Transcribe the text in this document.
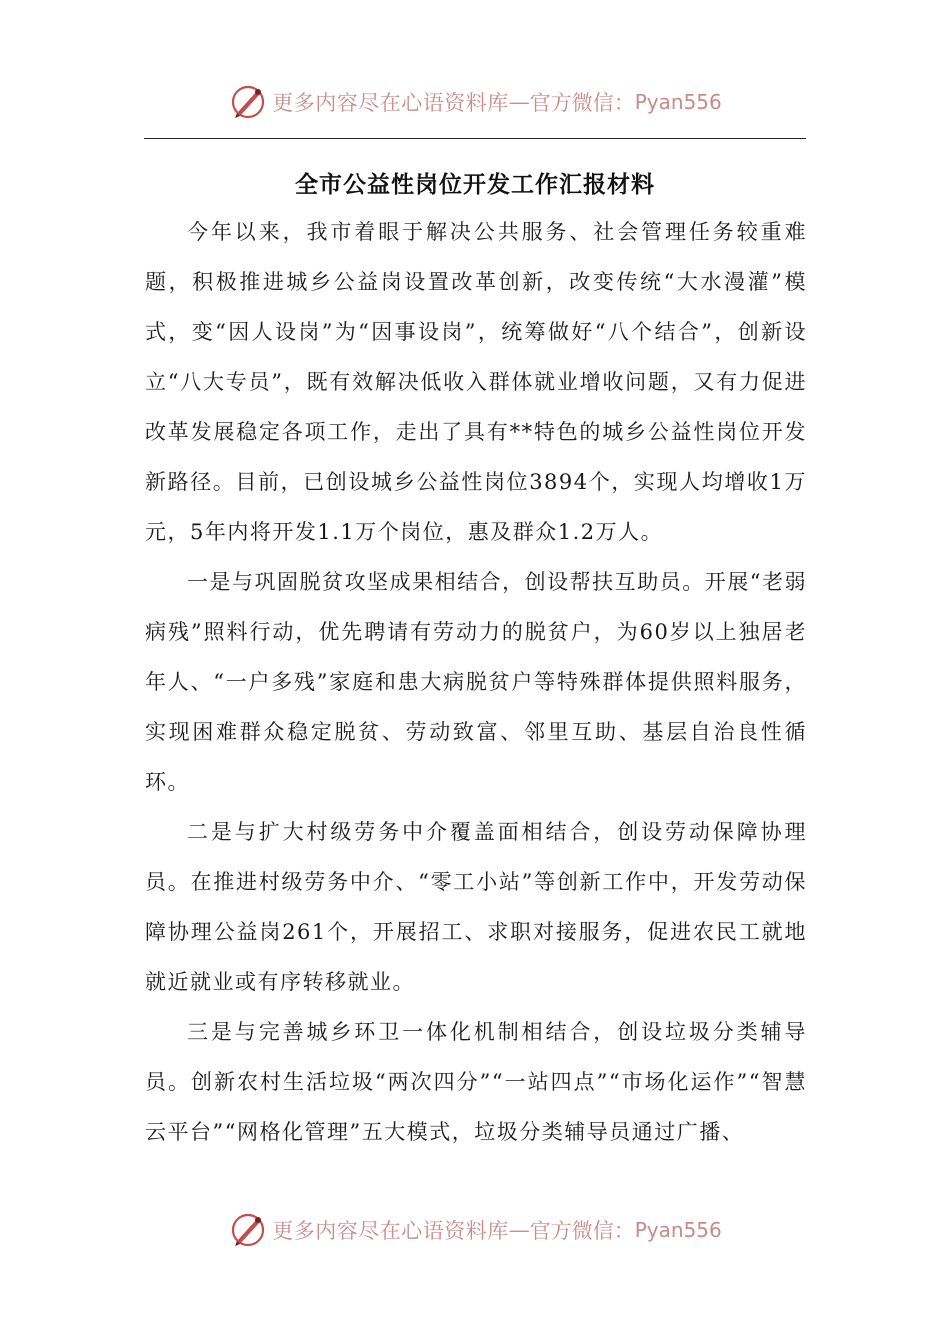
更多内容尽在心语资料库 — 官方微信： Pyan556
全市公益性岗位开发工作汇报材料

今年以来，我市着眼于解决公共服务、社会管理任务较重难题，积极推进城乡公益岗设置改革创新，改变传统“大水漫灌”模式，变“因人设岗”为“因事设岗”，统筹做好“八个结合”，创新设立“八大专员”，既有效解决低收入群体就业增收问题，又有力促进改革发展稳定各项工作，走出了具有**特色的城乡公益性岗位开发新路径。目前，已创设城乡公益性岗位3894个，实现人均增收1万元，5年内将开发1.1万个岗位，惠及群众1.2万人。

一是与巩固脱贫攻坚成果相结合，创设帮扶互助员。开展“老弱病残”照料行动，优先聘请有劳动力的脱贫户，为60岁以上独居老年人、“一户多残”家庭和患大病脱贫户等特殊群体提供照料服务，实现困难群众稳定脱贫、劳动致富、邻里互助、基层自治良性循环。

二是与扩大村级劳务中介覆盖面相结合，创设劳动保障协理员。在推进村级劳务中介、“零工小站”等创新工作中，开发劳动保障协理公益岗261个，开展招工、求职对接服务，促进农民工就地就近就业或有序转移就业。

三是与完善城乡环卫一体化机制相结合，创设垃圾分类辅导员。创新农村生活垃圾“两次四分”“一站四点”“市场化运作”“智慧云平台”“网格化管理”五大模式，垃圾分类辅导员通过广播、

更多内容尽在心语资料库 — 官方微信： Pyan556
